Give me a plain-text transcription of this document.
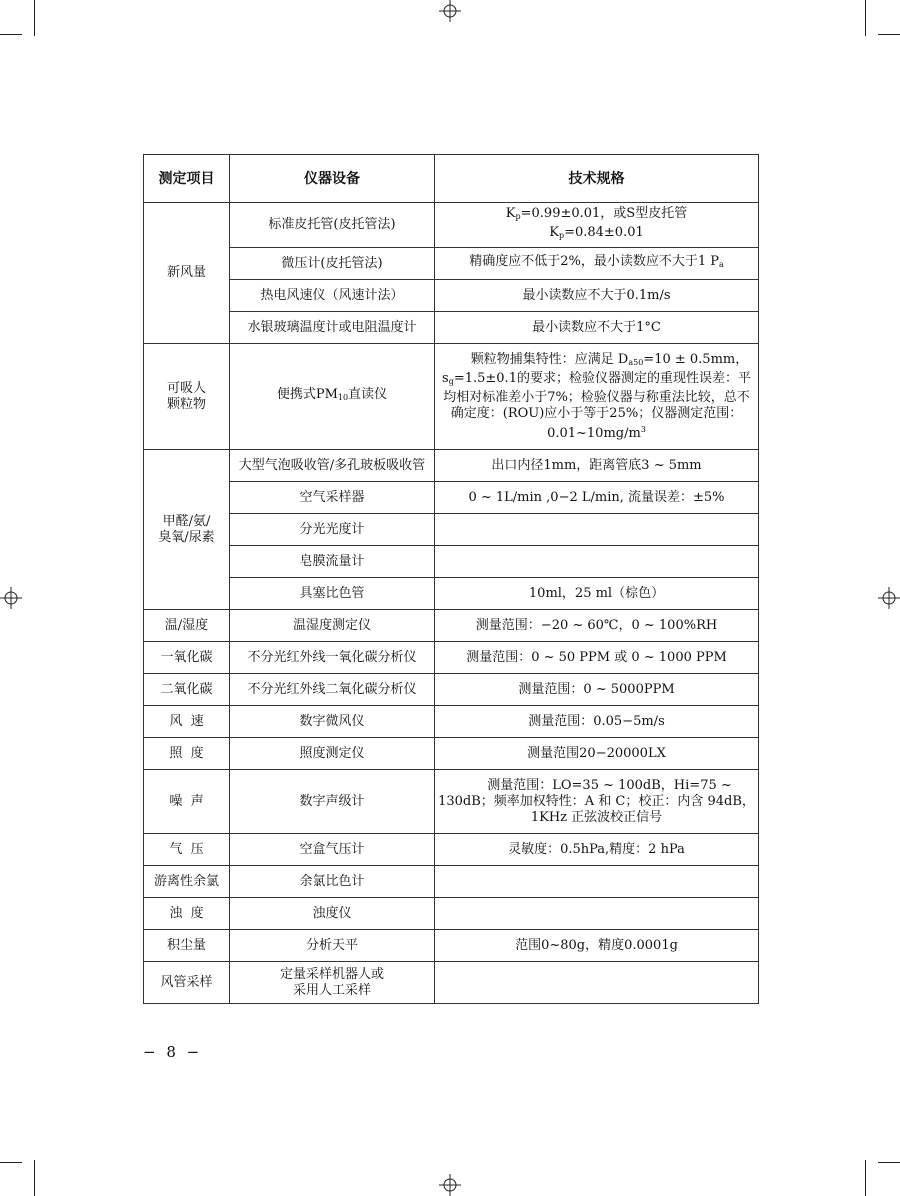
测定项目	仪器设备	技术规格
新风量	标准皮托管(皮托管法)	$K_p=0.99\pm 0.01$，或S型皮托管
$K_p=0.84\pm 0.01$

	微压计(皮托管法)	精确度应不低于2%，最小读数应不大于1 $P_a$
	热电风速仪（风速计法）	最小读数应不大于0.1m/s
	水银玻璃温度计或电阻温度计	最小读数应不大于1°C
可吸人
颗粒物	便携式$PM_{10}$直读仪	颗粒物捕集特性：应满足 $D_{a50}=10 \pm 0.5mm$，$s_g=1.5\pm 0.1$的要求；检验仪器测定的重现性误差：平均相对标准差小于7%；检验仪器与称重法比较，总不确定度：(ROU)应小于等于25%；仪器测定范围：$0.01\sim 10mg/m^3$
甲醛/氨/
臭氧/尿素	大型气泡吸收管/多孔玻板吸收管	出口内径1mm，距离管底3 ~ 5mm
	空气采样器	0 ~ 1L/min ,0−2 L/min, 流量误差：±5%
	分光光度计	
	皂膜流量计	
	具塞比色管	10ml，25 ml（棕色）
温/湿度	温湿度测定仪	测量范围：−20 ~ 60℃，0 ~ 100%RH
一氧化碳	不分光红外线一氧化碳分析仪	测量范围：0 ~ 50 PPM 或 0 ~ 1000 PPM
二氧化碳	不分光红外线二氧化碳分析仪	测量范围：0 ~ 5000PPM
风  速	数字微风仪	测量范围：0.05−5m/s
照  度	照度测定仪	测量范围20−20000LX
噪  声	数字声级计	测量范围：LO=35 ~ 100dB，Hi=75 ~ 130dB；频率加权特性：A 和 C；校正：内含 94dB，1KHz 正弦波校正信号
气  压	空盒气压计	灵敏度：0.5hPa,精度：2 hPa
游离性余氯	余氯比色计	
浊  度	浊度仪	
积尘量	分析天平	范围0~80g，精度0.0001g
风管采样	定量采样机器人或
采用人工采样	
− 8 −
